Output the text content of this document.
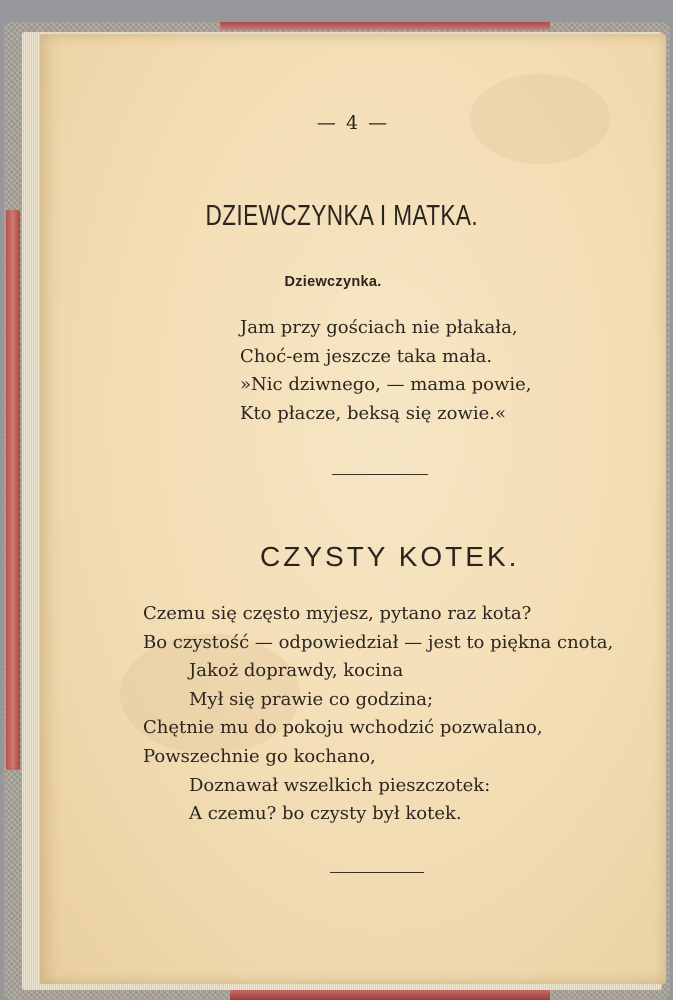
— 4 —
DZIEWCZYNKA I MATKA.
Dziewczynka.
Jam przy gościach nie płakała,
Choć-em jeszcze taka mała.
»Nic dziwnego, — mama powie,
Kto płacze, beksą się zowie.«
CZYSTY KOTEK.
Czemu się często myjesz, pytano raz kota?
Bo czystość — odpowiedział — jest to piękna cnota,
Jakoż doprawdy, kocina
Mył się prawie co godzina;
Chętnie mu do pokoju wchodzić pozwalano,
Powszechnie go kochano,
Doznawał wszelkich pieszczotek:
A czemu? bo czysty był kotek.
